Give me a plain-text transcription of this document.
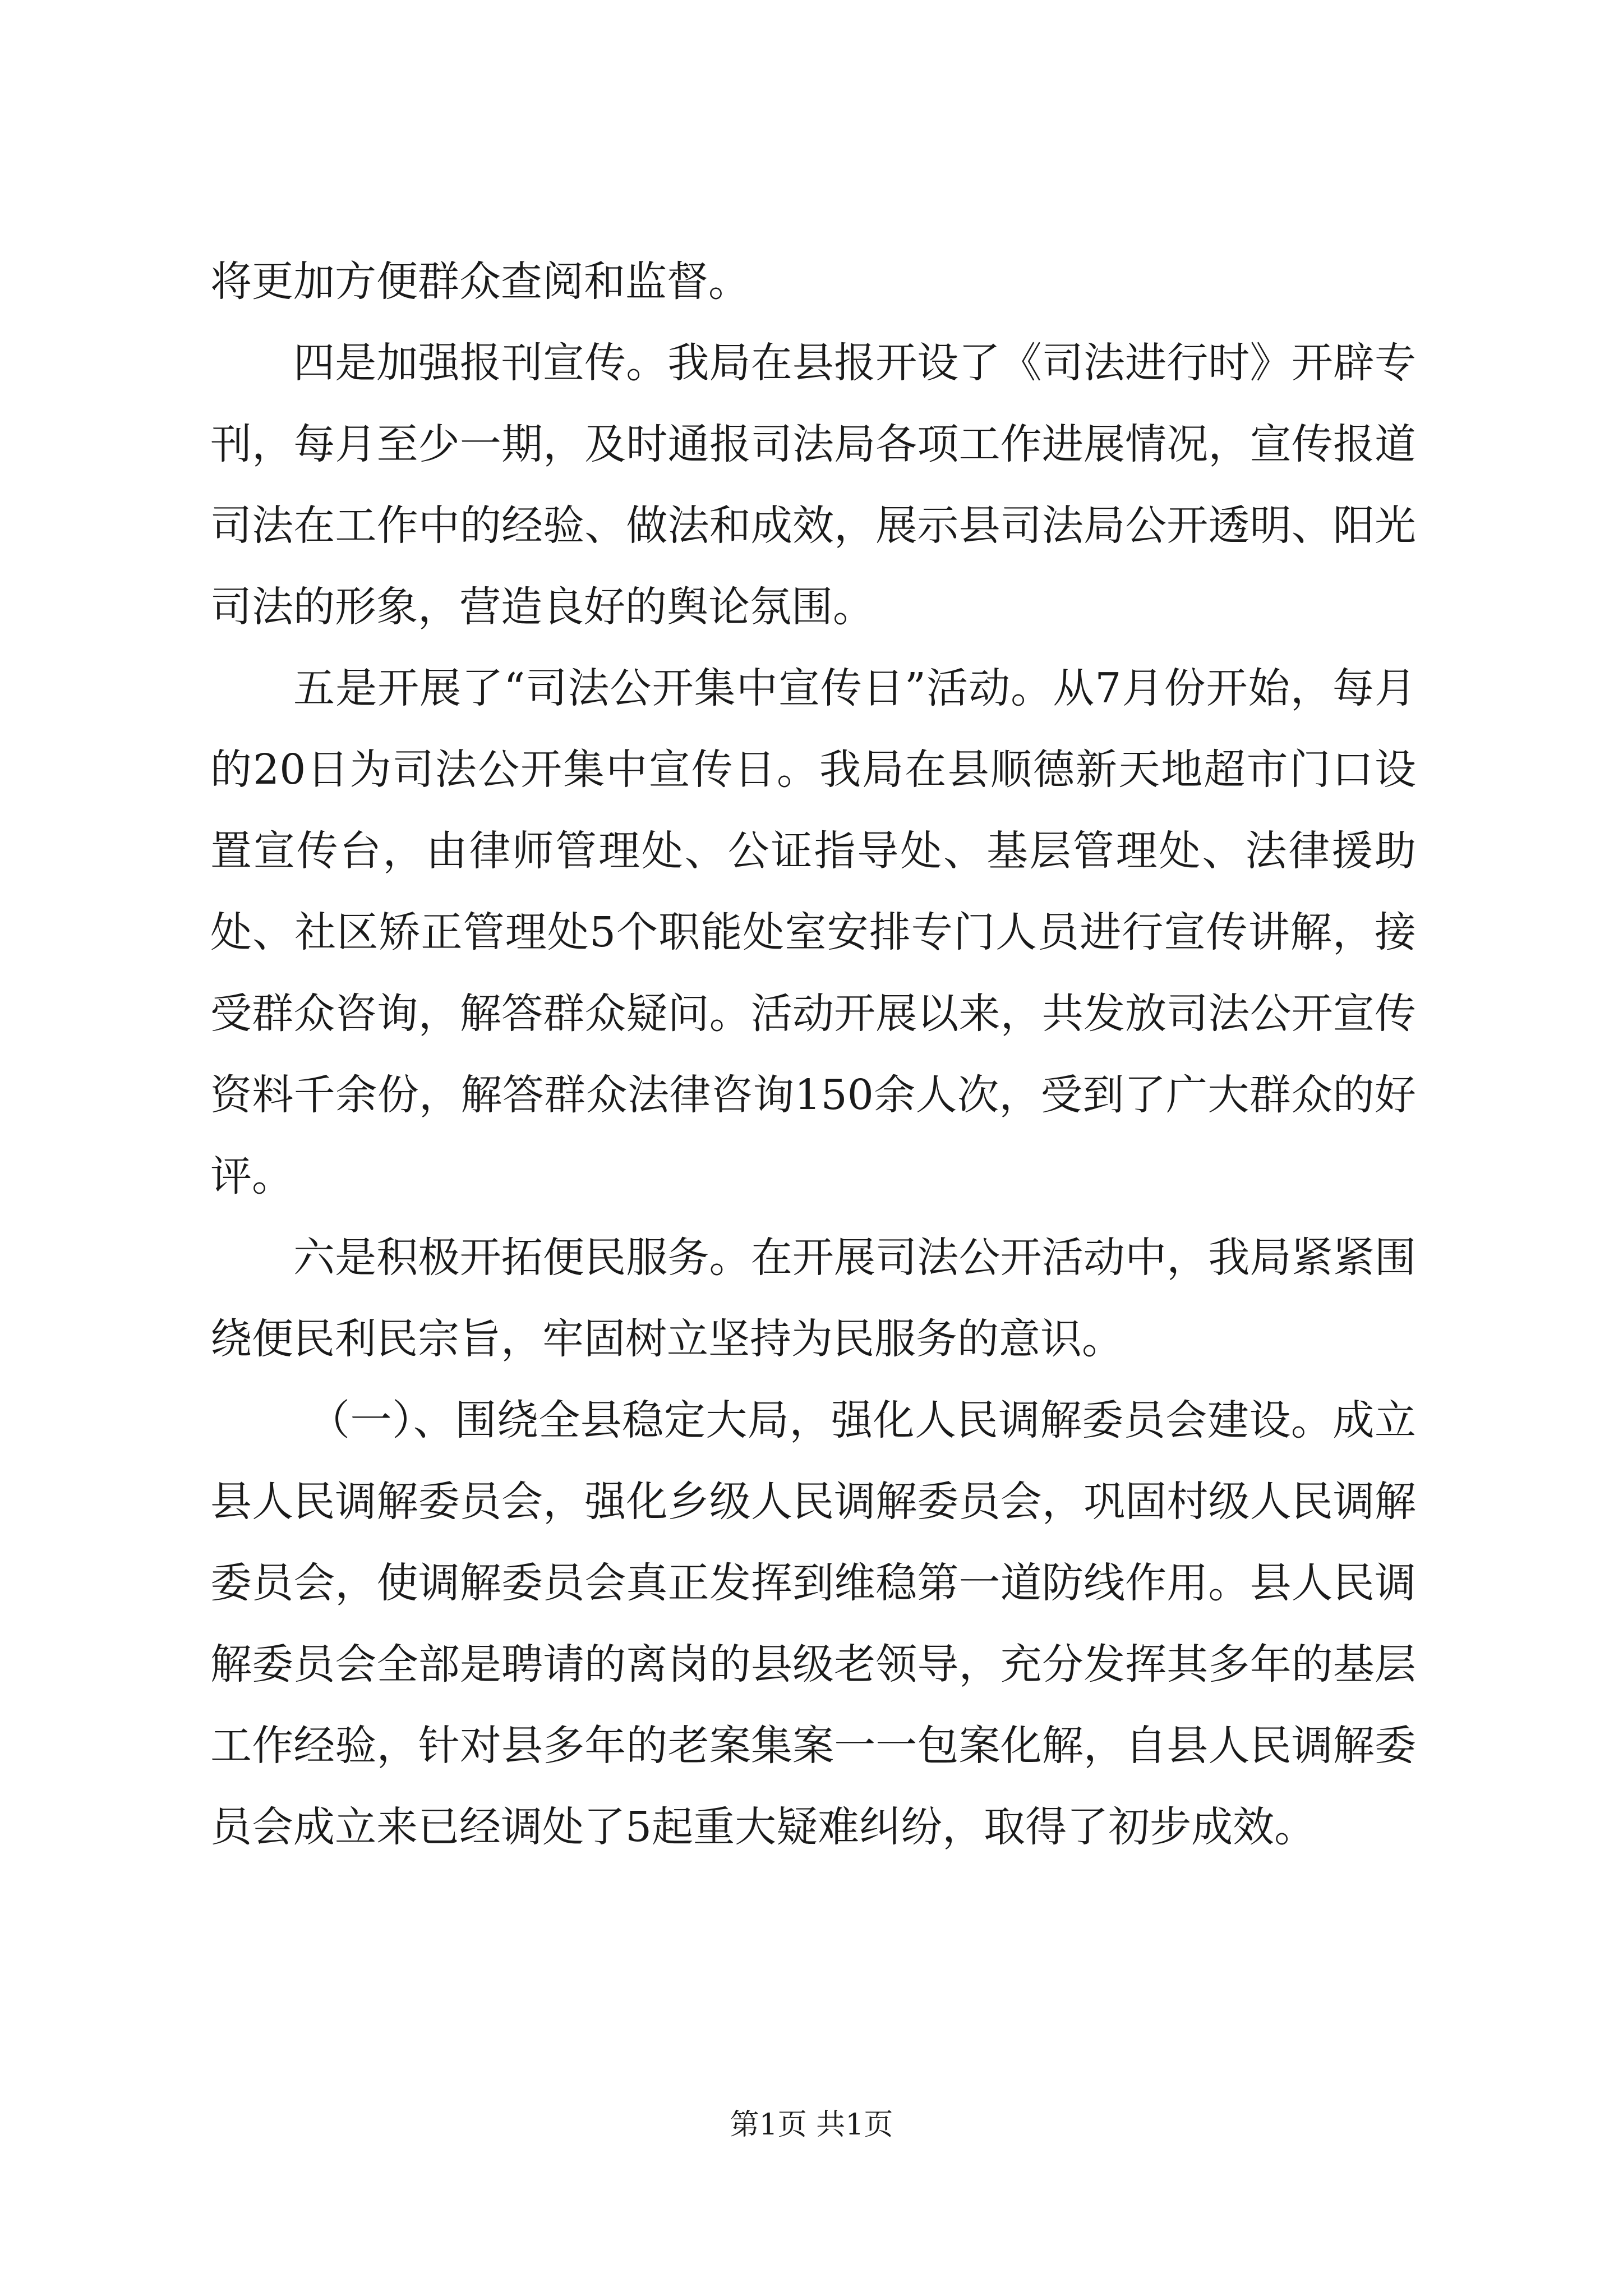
将更加方便群众查阅和监督。

四是加强报刊宣传。我局在县报开设了《司法进行时》开辟专刊，每月至少一期，及时通报司法局各项工作进展情况，宣传报道司法在工作中的经验、做法和成效，展示县司法局公开透明、阳光司法的形象，营造良好的舆论氛围。

五是开展了“司法公开集中宣传日”活动。从7月份开始，每月的20日为司法公开集中宣传日。我局在县顺德新天地超市门口设置宣传台，由律师管理处、公证指导处、基层管理处、法律援助处、社区矫正管理处5个职能处室安排专门人员进行宣传讲解，接受群众咨询，解答群众疑问。活动开展以来，共发放司法公开宣传资料千余份，解答群众法律咨询150余人次，受到了广大群众的好评。

六是积极开拓便民服务。在开展司法公开活动中，我局紧紧围绕便民利民宗旨，牢固树立坚持为民服务的意识。

（一）、围绕全县稳定大局，强化人民调解委员会建设。成立县人民调解委员会，强化乡级人民调解委员会，巩固村级人民调解委员会，使调解委员会真正发挥到维稳第一道防线作用。县人民调解委员会全部是聘请的离岗的县级老领导，充分发挥其多年的基层工作经验，针对县多年的老案集案一一包案化解，自县人民调解委员会成立来已经调处了5起重大疑难纠纷，取得了初步成效。

第1页 共1页
